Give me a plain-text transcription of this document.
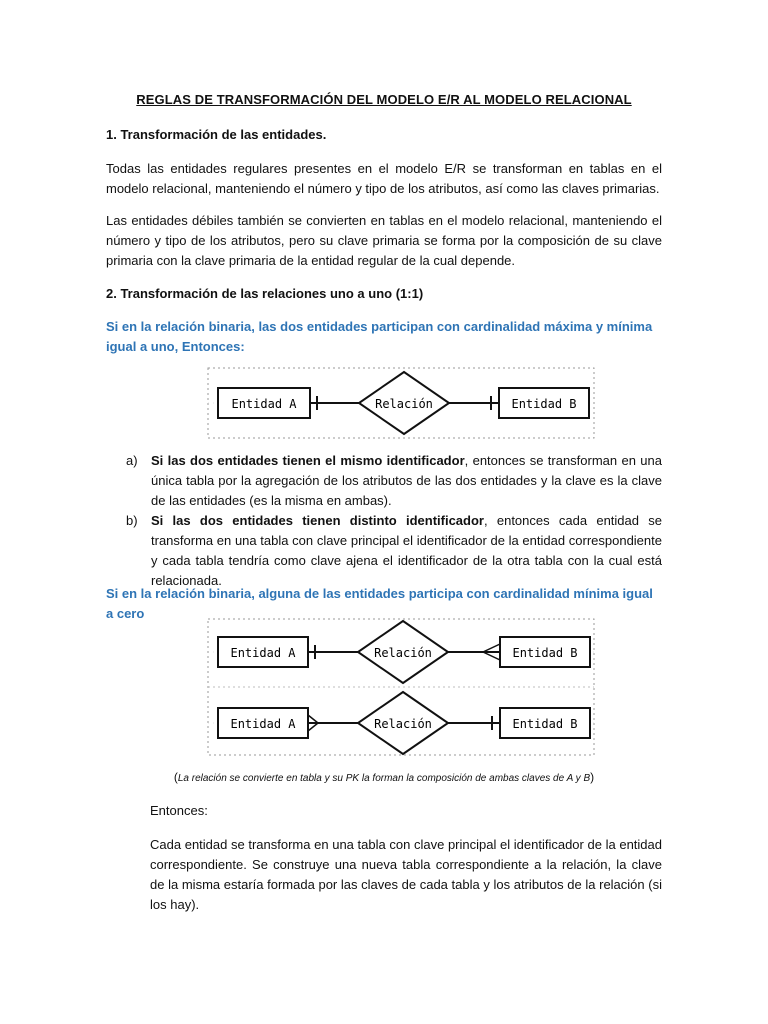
REGLAS DE TRANSFORMACIÓN DEL MODELO E/R AL MODELO RELACIONAL
1. Transformación de las entidades.
Todas las entidades regulares presentes en el modelo E/R se transforman en tablas en el modelo relacional, manteniendo el número y tipo de los atributos, así como las claves primarias.
Las entidades débiles también se convierten en tablas en el modelo relacional, manteniendo el número y tipo de los atributos, pero su clave primaria se forma por la composición de su clave primaria con la clave primaria de la entidad regular de la cual depende.
2. Transformación de las relaciones uno a uno (1:1)
Si en la relación binaria, las dos entidades participan con cardinalidad máxima y mínima igual a uno, Entonces:
Entidad A	Relación	Entidad B
a) Si las dos entidades tienen el mismo identificador, entonces se transforman en una única tabla por la agregación de los atributos de las dos entidades y la clave es la clave de las entidades (es la misma en ambas).
b) Si las dos entidades tienen distinto identificador, entonces cada entidad se transforma en una tabla con clave principal el identificador de la entidad correspondiente y cada tabla tendría como clave ajena el identificador de la otra tabla con la cual está relacionada.
Si en la relación binaria, alguna de las entidades participa con cardinalidad mínima igual a cero
Entidad A	Relación	Entidad B
Entidad A	Relación	Entidad B
(La relación se convierte en tabla y su PK la forman la composición de ambas claves de A y B)
Entonces:
Cada entidad se transforma en una tabla con clave principal el identificador de la entidad correspondiente. Se construye una nueva tabla correspondiente a la relación, la clave de la misma estaría formada por las claves de cada tabla y los atributos de la relación (si los hay).
